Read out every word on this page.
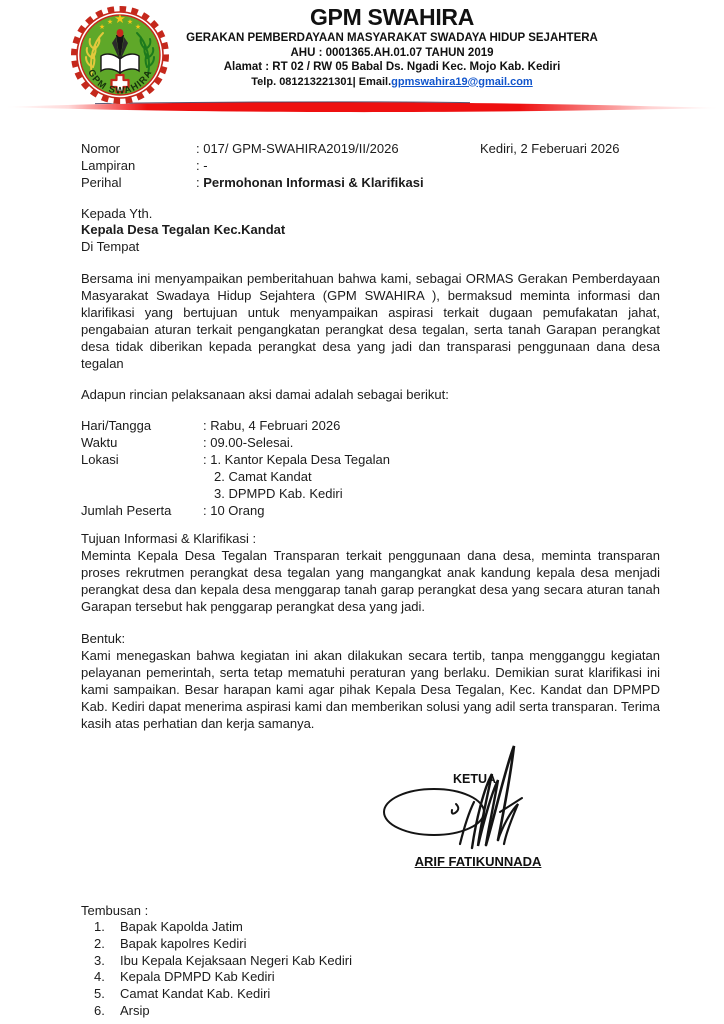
★
★
★ ★
★
GPM SWAHIRA
GPM SWAHIRA
GERAKAN PEMBERDAYAAN MASYARAKAT SWADAYA HIDUP SEJAHTERA
AHU : 0001365.AH.01.07 TAHUN 2019
Alamat : RT 02 / RW 05 Babal Ds. Ngadi Kec. Mojo Kab. Kediri
Telp. 081213221301| Email.gpmswahira19@gmail.com
Nomor	: 017/ GPM-SWAHIRA2019/II/2026	Kediri, 2 Feberuari 2026
Lampiran	: -
Perihal	: Permohonan Informasi & Klarifikasi
Kepada Yth.
Kepala Desa Tegalan Kec.Kandat
Di Tempat

Bersama ini menyampaikan pemberitahuan bahwa kami, sebagai ORMAS Gerakan Pemberdayaan Masyarakat Swadaya Hidup Sejahtera (GPM SWAHIRA ), bermaksud meminta informasi dan klarifikasi yang bertujuan untuk menyampaikan aspirasi terkait dugaan pemufakatan jahat, pengabaian aturan terkait pengangkatan perangkat desa tegalan, serta tanah Garapan perangkat desa tidak diberikan kepada perangkat desa yang jadi dan transparasi penggunaan dana desa tegalan

Adapun rincian pelaksanaan aksi damai adalah sebagai berikut:

Hari/Tangga	: Rabu, 4 Februari 2026
Waktu	: 09.00-Selesai.
Lokasi	: 1. Kantor Kepala Desa Tegalan
2. Camat Kandat
3. DPMPD Kab. Kediri
Jumlah Peserta	: 10 Orang
Tujuan Informasi & Klarifikasi :

Meminta Kepala Desa Tegalan Transparan terkait penggunaan dana desa, meminta transparan proses rekrutmen perangkat desa tegalan yang mangangkat anak kandung kepala desa menjadi perangkat desa dan kepala desa menggarap tanah garap perangkat desa yang secara aturan tanah Garapan tersebut hak penggarap perangkat desa yang jadi.

Bentuk:

Kami menegaskan bahwa kegiatan ini akan dilakukan secara tertib, tanpa mengganggu kegiatan pelayanan pemerintah, serta tetap mematuhi peraturan yang berlaku. Demikian surat klarifikasi ini kami sampaikan. Besar harapan kami agar pihak Kepala Desa Tegalan, Kec. Kandat dan DPMPD Kab. Kediri dapat menerima aspirasi kami dan memberikan solusi yang adil serta transparan. Terima kasih atas perhatian dan kerja samanya.

KETUA
ARIF FATIKUNNADA
Tembusan :
1.	Bapak Kapolda Jatim
2.	Bapak kapolres Kediri
3.	Ibu Kepala Kejaksaan Negeri Kab Kediri
4.	Kepala DPMPD Kab Kediri
5.	Camat Kandat Kab. Kediri
6.	Arsip
